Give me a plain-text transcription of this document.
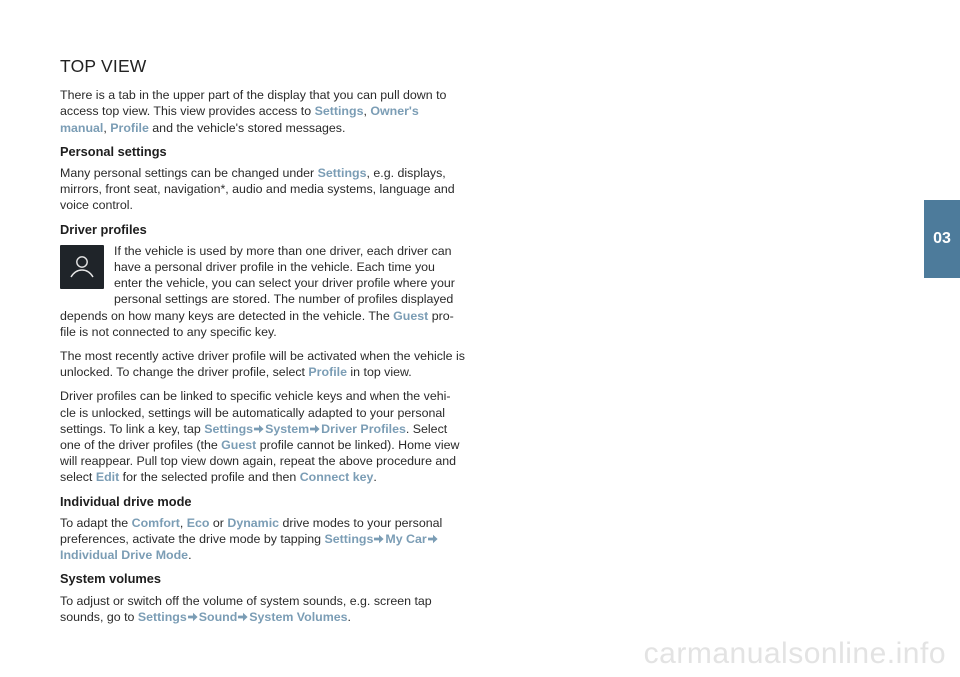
TOP VIEW

There is a tab in the upper part of the display that you can pull down to access top view. This view provides access to Settings, Owner's manual, Profile and the vehicle's stored messages.

Personal settings

Many personal settings can be changed under Settings, e.g. displays, mirrors, front seat, navigation*, audio and media systems, language and voice control.

Driver profiles

If the vehicle is used by more than one driver, each driver can have a personal driver profile in the vehicle. Each time you enter the vehicle, you can select your driver profile where your personal settings are stored. The number of profiles displayed depends on how many keys are detected in the vehicle. The Guest pro-file is not connected to any specific key.

The most recently active driver profile will be activated when the vehicle is unlocked. To change the driver profile, select Profile in top view.

Driver profiles can be linked to specific vehicle keys and when the vehi-cle is unlocked, settings will be automatically adapted to your personal settings. To link a key, tap Settings System Driver Profiles. Select one of the driver profiles (the Guest profile cannot be linked). Home view will reappear. Pull top view down again, repeat the above procedure and select Edit for the selected profile and then Connect key.

Individual drive mode

To adapt the Comfort, Eco or Dynamic drive modes to your personal preferences, activate the drive mode by tapping Settings My CarIndividual Drive Mode.

System volumes

To adjust or switch off the volume of system sounds, e.g. screen tap sounds, go to Settings Sound System Volumes.

03
carmanualsonline.info
